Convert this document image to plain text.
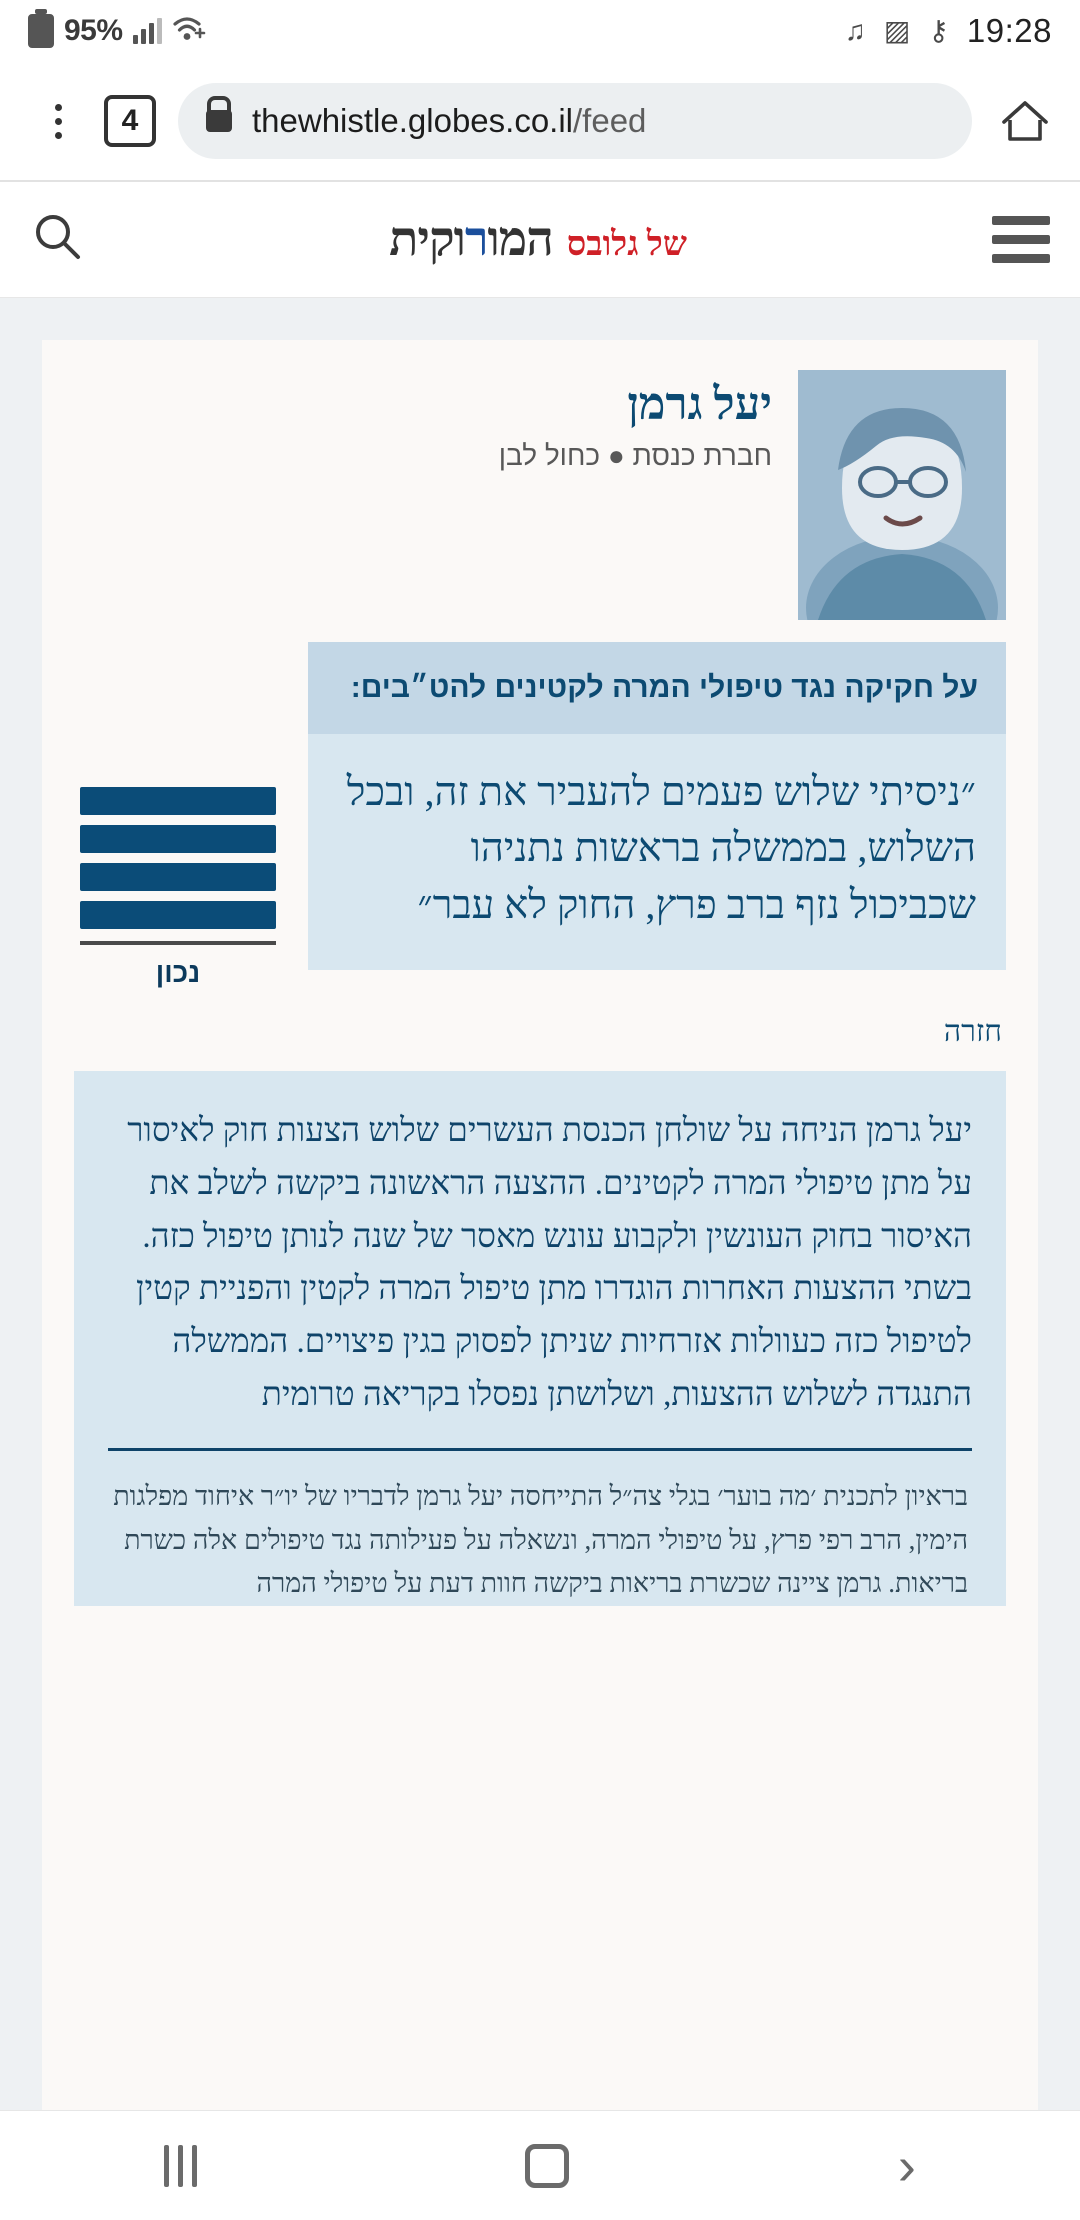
95%	♫ ▨ ⚷ 19:28
4	thewhistle.globes.co.il/feed
של גלובס
המורוקית
יעל גרמן
חברת כנסת ● כחול לבן
על חקיקה נגד טיפולי המרה לקטינים להט״בים:
״ניסיתי שלוש פעמים להעביר את זה, ובכל השלוש, בממשלה בראשות נתניהו שכביכול נזף ברב פרץ, החוק לא עבר״
נכון
חזרה

יעל גרמן הניחה על שולחן הכנסת העשרים שלוש הצעות חוק לאיסור על מתן טיפולי המרה לקטינים. ההצעה הראשונה ביקשה לשלב את האיסור בחוק העונשין ולקבוע עונש מאסר של שנה לנותן טיפול כזה. בשתי ההצעות האחרות הוגדרו מתן טיפול המרה לקטין והפניית קטין לטיפול כזה כעוולות אזרחיות שניתן לפסוק בגין פיצויים. הממשלה התנגדה לשלוש ההצעות, ושלושתן נפסלו בקריאה טרומית

בראיון לתכנית ׳מה בוער׳ בגלי צה״ל התייחסה יעל גרמן לדבריו של יו״ר איחוד מפלגות הימין, הרב רפי פרץ, על טיפולי המרה, ונשאלה על פעילותה נגד טיפולים אלה כשרת בריאות. גרמן ציינה שכשרת בריאות ביקשה חוות דעת על טיפולי המרה
›
